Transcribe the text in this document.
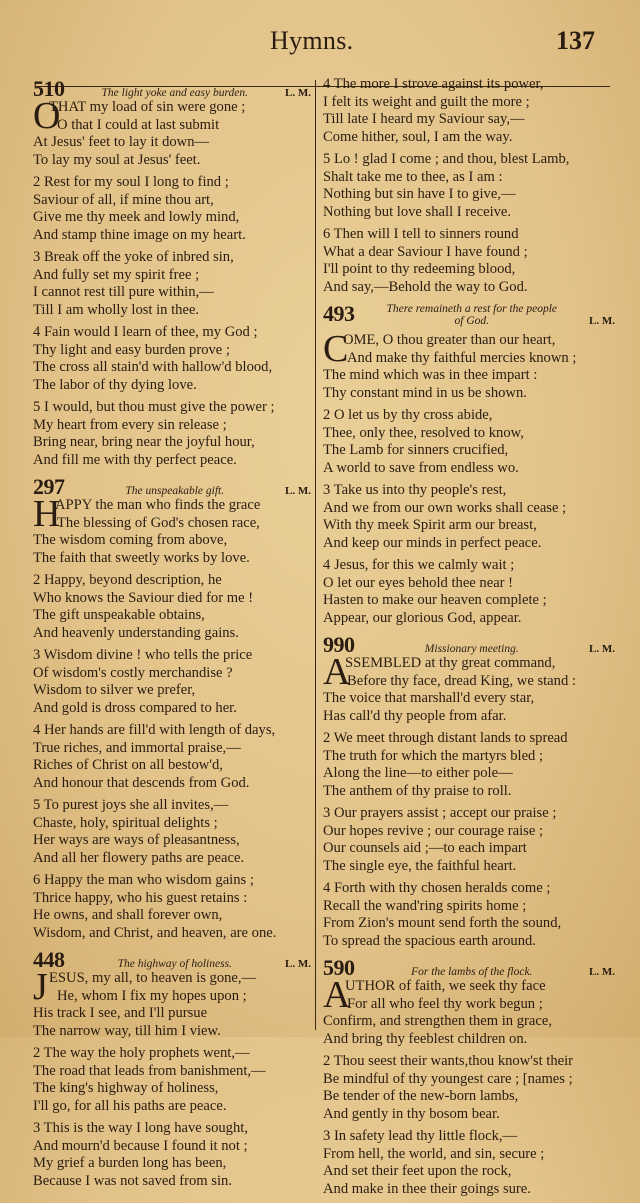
Hymns.	137
510	The light yoke and easy burden.	L. M.
O
THAT my load of sin were gone ;
O that I could at last submit
At Jesus' feet to lay it down—
To lay my soul at Jesus' feet.
2 Rest for my soul I long to find ;
Saviour of all, if mine thou art,
Give me thy meek and lowly mind,
And stamp thine image on my heart.
3 Break off the yoke of inbred sin,
And fully set my spirit free ;
I cannot rest till pure within,—
Till I am wholly lost in thee.
4 Fain would I learn of thee, my God ;
Thy light and easy burden prove ;
The cross all stain'd with hallow'd blood,
The labor of thy dying love.
5 I would, but thou must give the power ;
My heart from every sin release ;
Bring near, bring near the joyful hour,
And fill me with thy perfect peace.
297	The unspeakable gift.	L. M.
H
APPY the man who finds the grace
The blessing of God's chosen race,
The wisdom coming from above,
The faith that sweetly works by love.
2 Happy, beyond description, he
Who knows the Saviour died for me !
The gift unspeakable obtains,
And heavenly understanding gains.
3 Wisdom divine ! who tells the price
Of wisdom's costly merchandise ?
Wisdom to silver we prefer,
And gold is dross compared to her.
4 Her hands are fill'd with length of days,
True riches, and immortal praise,—
Riches of Christ on all bestow'd,
And honour that descends from God.
5 To purest joys she all invites,—
Chaste, holy, spiritual delights ;
Her ways are ways of pleasantness,
And all her flowery paths are peace.
6 Happy the man who wisdom gains ;
Thrice happy, who his guest retains :
He owns, and shall forever own,
Wisdom, and Christ, and heaven, are one.
448	The highway of holiness.	L. M.
J ESUS, my all, to heaven is gone,—
He, whom I fix my hopes upon ;
His track I see, and I'll pursue
The narrow way, till him I view.
2 The way the holy prophets went,—
The road that leads from banishment,—
The king's highway of holiness,
I'll go, for all his paths are peace.
3 This is the way I long have sought,
And mourn'd because I found it not ;
My grief a burden long has been,
Because I was not saved from sin.
4 The more I strove against its power,
I felt its weight and guilt the more ;
Till late I heard my Saviour say,—
Come hither, soul, I am the way.
5 Lo ! glad I come ; and thou, blest Lamb,
Shalt take me to thee, as I am :
Nothing but sin have I to give,—
Nothing but love shall I receive.
6 Then will I tell to sinners round
What a dear Saviour I have found ;
I'll point to thy redeeming blood,
And say,—Behold the way to God.
493	There remaineth a rest for the people
of God.	L. M.
C
OME, O thou greater than our heart,
And make thy faithful mercies known ;
The mind which was in thee impart :
Thy constant mind in us be shown.
2 O let us by thy cross abide,
Thee, only thee, resolved to know,
The Lamb for sinners crucified,
A world to save from endless wo.
3 Take us into thy people's rest,
And we from our own works shall cease ;
With thy meek Spirit arm our breast,
And keep our minds in perfect peace.
4 Jesus, for this we calmly wait ;
O let our eyes behold thee near !
Hasten to make our heaven complete ;
Appear, our glorious God, appear.
990	Missionary meeting.	L. M.
A
SSEMBLED at thy great command,
Before thy face, dread King, we stand :
The voice that marshall'd every star,
Has call'd thy people from afar.
2 We meet through distant lands to spread
The truth for which the martyrs bled ;
Along the line—to either pole—
The anthem of thy praise to roll.
3 Our prayers assist ; accept our praise ;
Our hopes revive ; our courage raise ;
Our counsels aid ;—to each impart
The single eye, the faithful heart.
4 Forth with thy chosen heralds come ;
Recall the wand'ring spirits home ;
From Zion's mount send forth the sound,
To spread the spacious earth around.
590	For the lambs of the flock.	L. M.
A
UTHOR of faith, we seek thy face
For all who feel thy work begun ;
Confirm, and strengthen them in grace,
And bring thy feeblest children on.
2 Thou seest their wants,thou know'st their
Be mindful of thy youngest care ; [names ;
Be tender of the new-born lambs,
And gently in thy bosom bear.
3 In safety lead thy little flock,—
From hell, the world, and sin, secure ;
And set their feet upon the rock,
And make in thee their goings sure.
